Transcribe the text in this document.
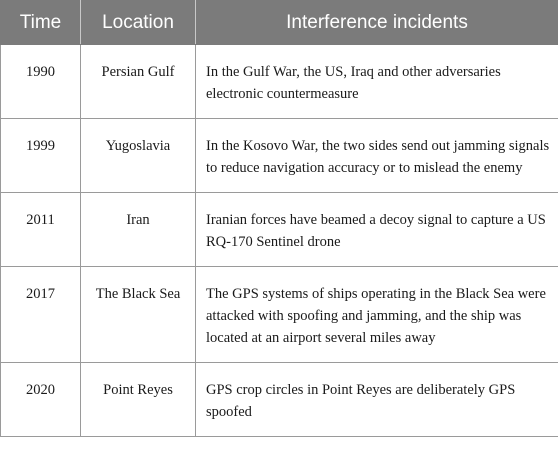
Time	Location	Interference incidents
1990	Persian Gulf	In the Gulf War, the US, Iraq and other adversaries electronic countermeasure
1999	Yugoslavia	In the Kosovo War, the two sides send out jamming signals to reduce navigation accuracy or to mislead the enemy
2011	Iran	Iranian forces have beamed a decoy signal to capture a US RQ-170 Sentinel drone
2017	The Black Sea	The GPS systems of ships operating in the Black Sea were attacked with spoofing and jamming, and the ship was located at an airport several miles away
2020	Point Reyes	GPS crop circles in Point Reyes are deliberately GPS spoofed
